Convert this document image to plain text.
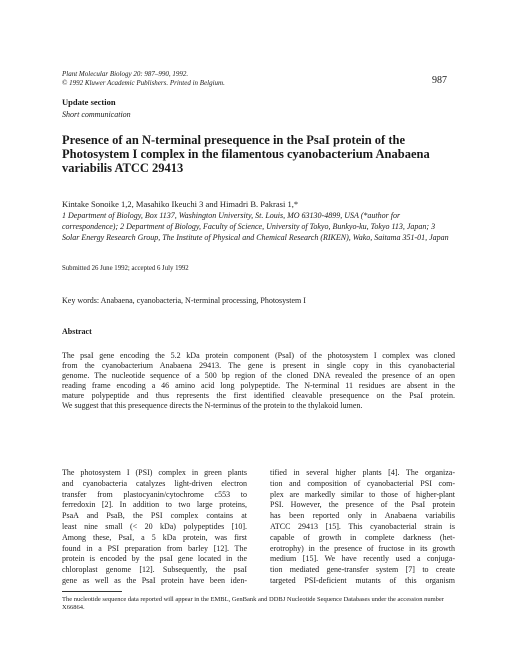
Plant Molecular Biology 20: 987–990, 1992.
© 1992 Kluwer Academic Publishers. Printed in Belgium.	987
Update section
Short communication
Presence of an N-terminal presequence in the PsaI protein of the Photosystem I complex in the filamentous cyanobacterium Anabaena variabilis ATCC 29413
Kintake Sonoike 1,2, Masahiko Ikeuchi 3 and Himadri B. Pakrasi 1,*
1 Department of Biology, Box 1137, Washington University, St. Louis, MO 63130-4899, USA (*author for correspondence); 2 Department of Biology, Faculty of Science, University of Tokyo, Bunkyo-ku, Tokyo 113, Japan; 3 Solar Energy Research Group, The Institute of Physical and Chemical Research (RIKEN), Wako, Saitama 351-01, Japan
Submitted 26 June 1992; accepted 6 July 1992
Key words: Anabaena, cyanobacteria, N-terminal processing, Photosystem I
Abstract
The psaI gene encoding the 5.2 kDa protein component (PsaI) of the photosystem I complex was cloned
from the cyanobacterium Anabaena 29413. The gene is present in single copy in this cyanobacterial
genome. The nucleotide sequence of a 500 bp region of the cloned DNA revealed the presence of an open
reading frame encoding a 46 amino acid long polypeptide. The N-terminal 11 residues are absent in the
mature polypeptide and thus represents the first identified cleavable presequence on the PsaI protein.
We suggest that this presequence directs the N-terminus of the protein to the thylakoid lumen.
The photosystem I (PSI) complex in green plants
and cyanobacteria catalyzes light-driven electron
transfer from plastocyanin/cytochrome c553 to
ferredoxin [2]. In addition to two large proteins,
PsaA and PsaB, the PSI complex contains at
least nine small (< 20 kDa) polypeptides [10].
Among these, PsaI, a 5 kDa protein, was first
found in a PSI preparation from barley [12]. The
protein is encoded by the psaI gene located in the
chloroplast genome [12]. Subsequently, the psaI
gene as well as the PsaI protein have been iden-
tified in several higher plants [4]. The organiza-
tion and composition of cyanobacterial PSI com-
plex are markedly similar to those of higher-plant
PSI. However, the presence of the PsaI protein
has been reported only in Anabaena variabilis
ATCC 29413 [15]. This cyanobacterial strain is
capable of growth in complete darkness (het-
erotrophy) in the presence of fructose in its growth
medium [15]. We have recently used a conjuga-
tion mediated gene-transfer system [7] to create
targeted PSI-deficient mutants of this organism
The nucleotide sequence data reported will appear in the EMBL, GenBank and DDBJ Nucleotide Sequence Databases under the accession number X66864.
